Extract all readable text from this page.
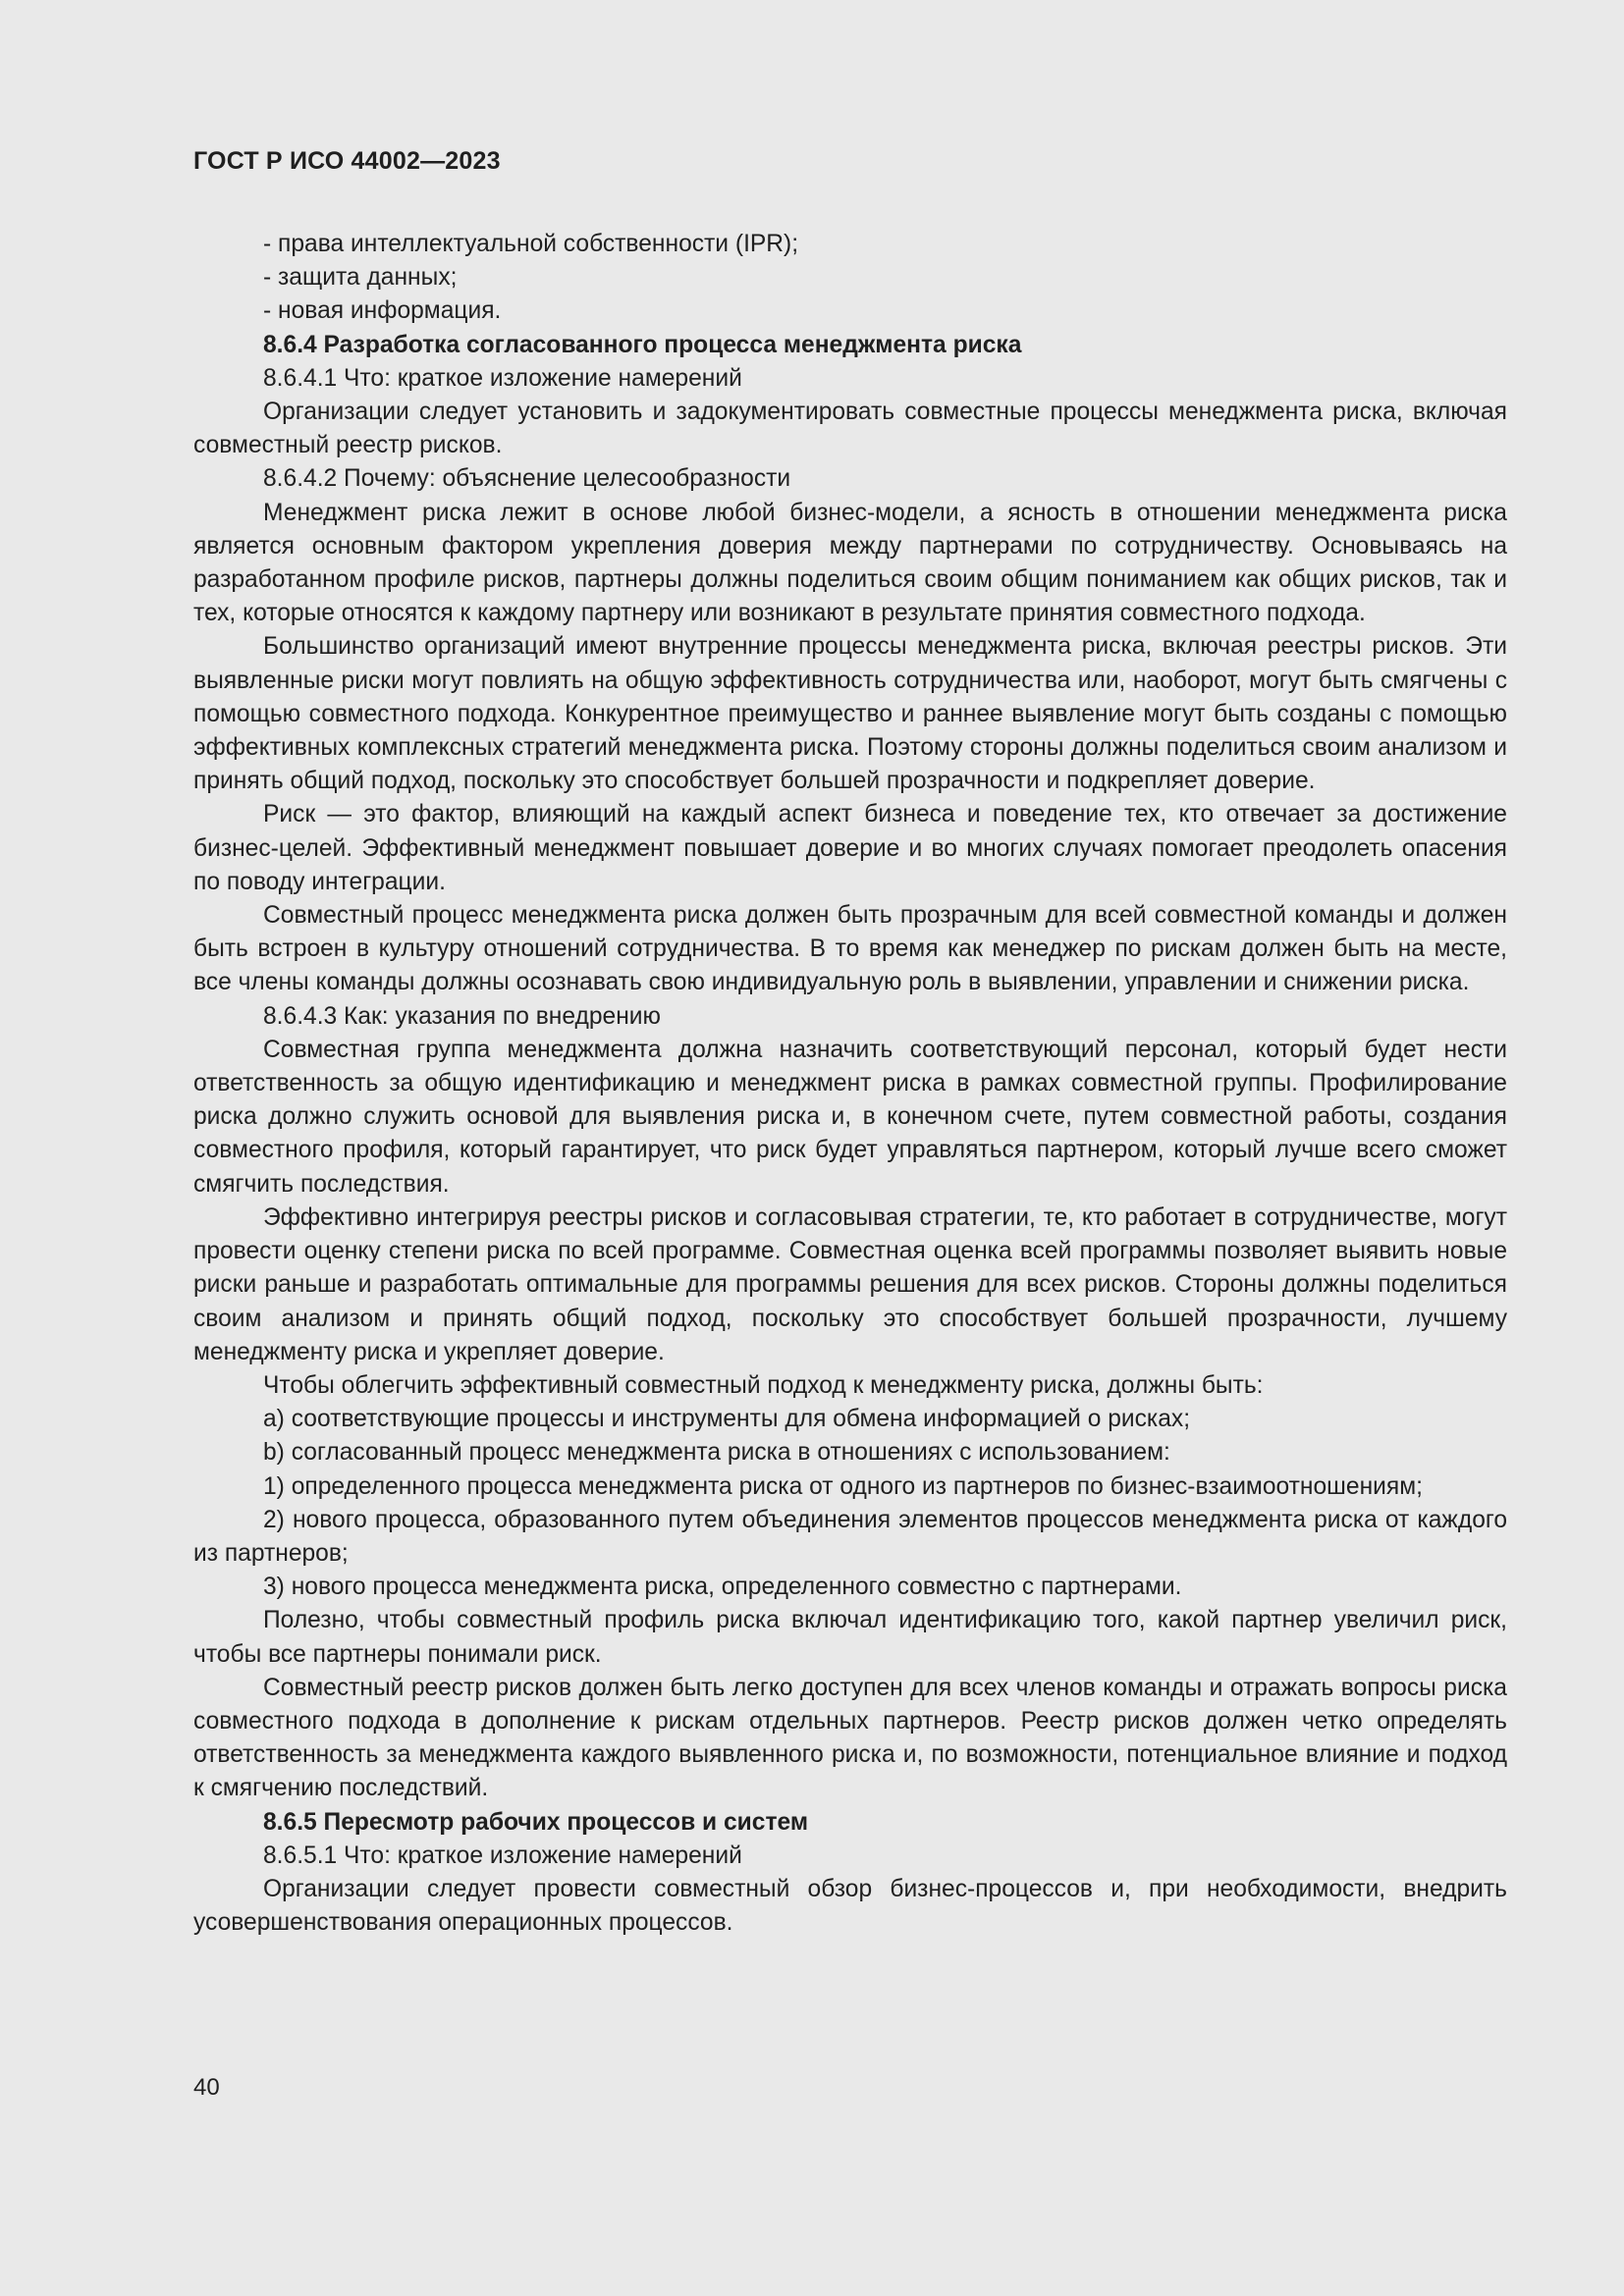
ГОСТ Р ИСО 44002—2023

- права интеллектуальной собственности (IPR);

- защита данных;

- новая информация.

8.6.4 Разработка согласованного процесса менеджмента риска

8.6.4.1 Что: краткое изложение намерений

Организации следует установить и задокументировать совместные процессы менеджмента риска, включая совместный реестр рисков.

8.6.4.2 Почему: объяснение целесообразности

Менеджмент риска лежит в основе любой бизнес-модели, а ясность в отношении менеджмента риска является основным фактором укрепления доверия между партнерами по сотрудничеству. Основываясь на разработанном профиле рисков, партнеры должны поделиться своим общим пониманием как общих рисков, так и тех, которые относятся к каждому партнеру или возникают в результате принятия совместного подхода.

Большинство организаций имеют внутренние процессы менеджмента риска, включая реестры рисков. Эти выявленные риски могут повлиять на общую эффективность сотрудничества или, наоборот, могут быть смягчены с помощью совместного подхода. Конкурентное преимущество и раннее выявление могут быть созданы с помощью эффективных комплексных стратегий менеджмента риска. Поэтому стороны должны поделиться своим анализом и принять общий подход, поскольку это способствует большей прозрачности и подкрепляет доверие.

Риск — это фактор, влияющий на каждый аспект бизнеса и поведение тех, кто отвечает за достижение бизнес-целей. Эффективный менеджмент повышает доверие и во многих случаях помогает преодолеть опасения по поводу интеграции.

Совместный процесс менеджмента риска должен быть прозрачным для всей совместной команды и должен быть встроен в культуру отношений сотрудничества. В то время как менеджер по рискам должен быть на месте, все члены команды должны осознавать свою индивидуальную роль в выявлении, управлении и снижении риска.

8.6.4.3 Как: указания по внедрению

Совместная группа менеджмента должна назначить соответствующий персонал, который будет нести ответственность за общую идентификацию и менеджмент риска в рамках совместной группы. Профилирование риска должно служить основой для выявления риска и, в конечном счете, путем совместной работы, создания совместного профиля, который гарантирует, что риск будет управляться партнером, который лучше всего сможет смягчить последствия.

Эффективно интегрируя реестры рисков и согласовывая стратегии, те, кто работает в сотрудничестве, могут провести оценку степени риска по всей программе. Совместная оценка всей программы позволяет выявить новые риски раньше и разработать оптимальные для программы решения для всех рисков. Стороны должны поделиться своим анализом и принять общий подход, поскольку это способствует большей прозрачности, лучшему менеджменту риска и укрепляет доверие.

Чтобы облегчить эффективный совместный подход к менеджменту риска, должны быть:

a) соответствующие процессы и инструменты для обмена информацией о рисках;

b) согласованный процесс менеджмента риска в отношениях с использованием:

1) определенного процесса менеджмента риска от одного из партнеров по бизнес-взаимоотношениям;

2) нового процесса, образованного путем объединения элементов процессов менеджмента риска от каждого из партнеров;

3) нового процесса менеджмента риска, определенного совместно с партнерами.

Полезно, чтобы совместный профиль риска включал идентификацию того, какой партнер увеличил риск, чтобы все партнеры понимали риск.

Совместный реестр рисков должен быть легко доступен для всех членов команды и отражать вопросы риска совместного подхода в дополнение к рискам отдельных партнеров. Реестр рисков должен четко определять ответственность за менеджмента каждого выявленного риска и, по возможности, потенциальное влияние и подход к смягчению последствий.

8.6.5 Пересмотр рабочих процессов и систем

8.6.5.1 Что: краткое изложение намерений

Организации следует провести совместный обзор бизнес-процессов и, при необходимости, внедрить усовершенствования операционных процессов.

40
